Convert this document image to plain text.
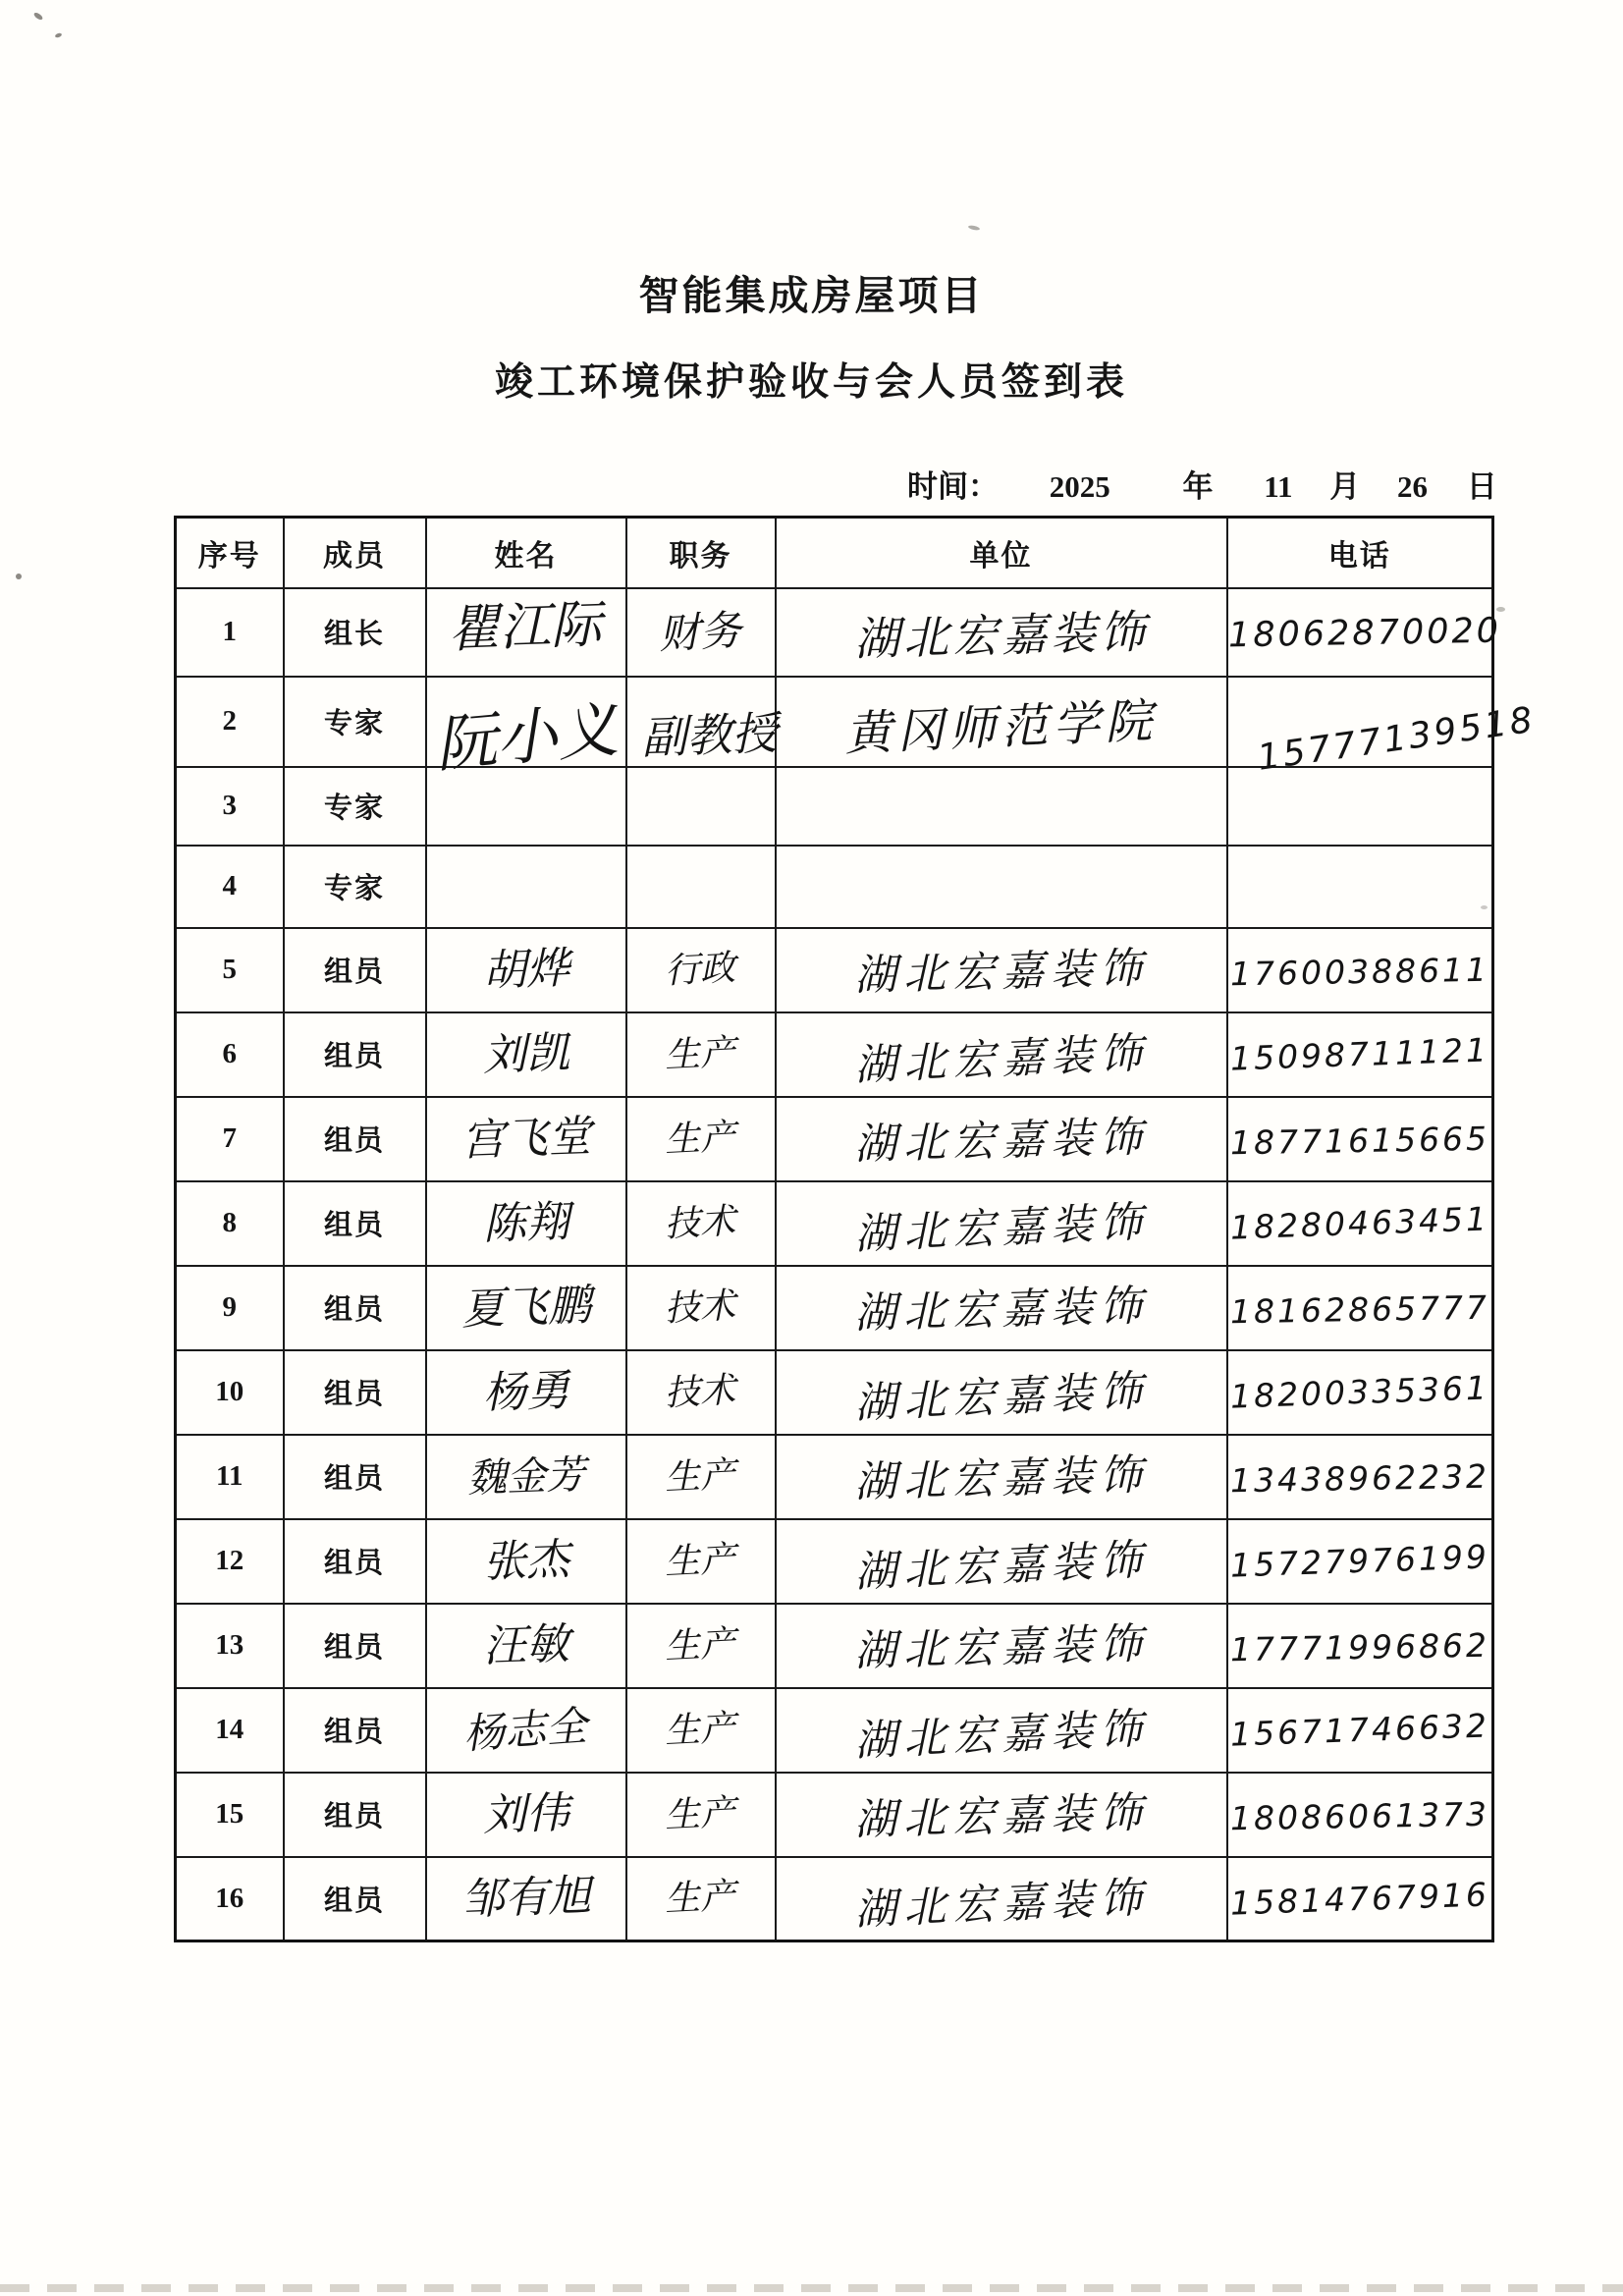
智能集成房屋项目
竣工环境保护验收与会人员签到表
时间： 2025 年 11 月 26 日
序号	成员	姓名	职务	单位	电话
1	组长	瞿江际	财务	湖北宏嘉装饰	18062870020
2	专家	阮小义	副教授	黄冈师范学院	15777139518
3	专家				
4	专家				
5	组员	胡烨	行政	湖北宏嘉装饰	17600388611
6	组员	刘凯	生产	湖北宏嘉装饰	15098711121
7	组员	宫飞堂	生产	湖北宏嘉装饰	18771615665
8	组员	陈翔	技术	湖北宏嘉装饰	18280463451
9	组员	夏飞鹏	技术	湖北宏嘉装饰	18162865777
10	组员	杨勇	技术	湖北宏嘉装饰	18200335361
11	组员	魏金芳	生产	湖北宏嘉装饰	13438962232
12	组员	张杰	生产	湖北宏嘉装饰	15727976199
13	组员	汪敏	生产	湖北宏嘉装饰	17771996862
14	组员	杨志全	生产	湖北宏嘉装饰	15671746632
15	组员	刘伟	生产	湖北宏嘉装饰	18086061373
16	组员	邹有旭	生产	湖北宏嘉装饰	15814767916
